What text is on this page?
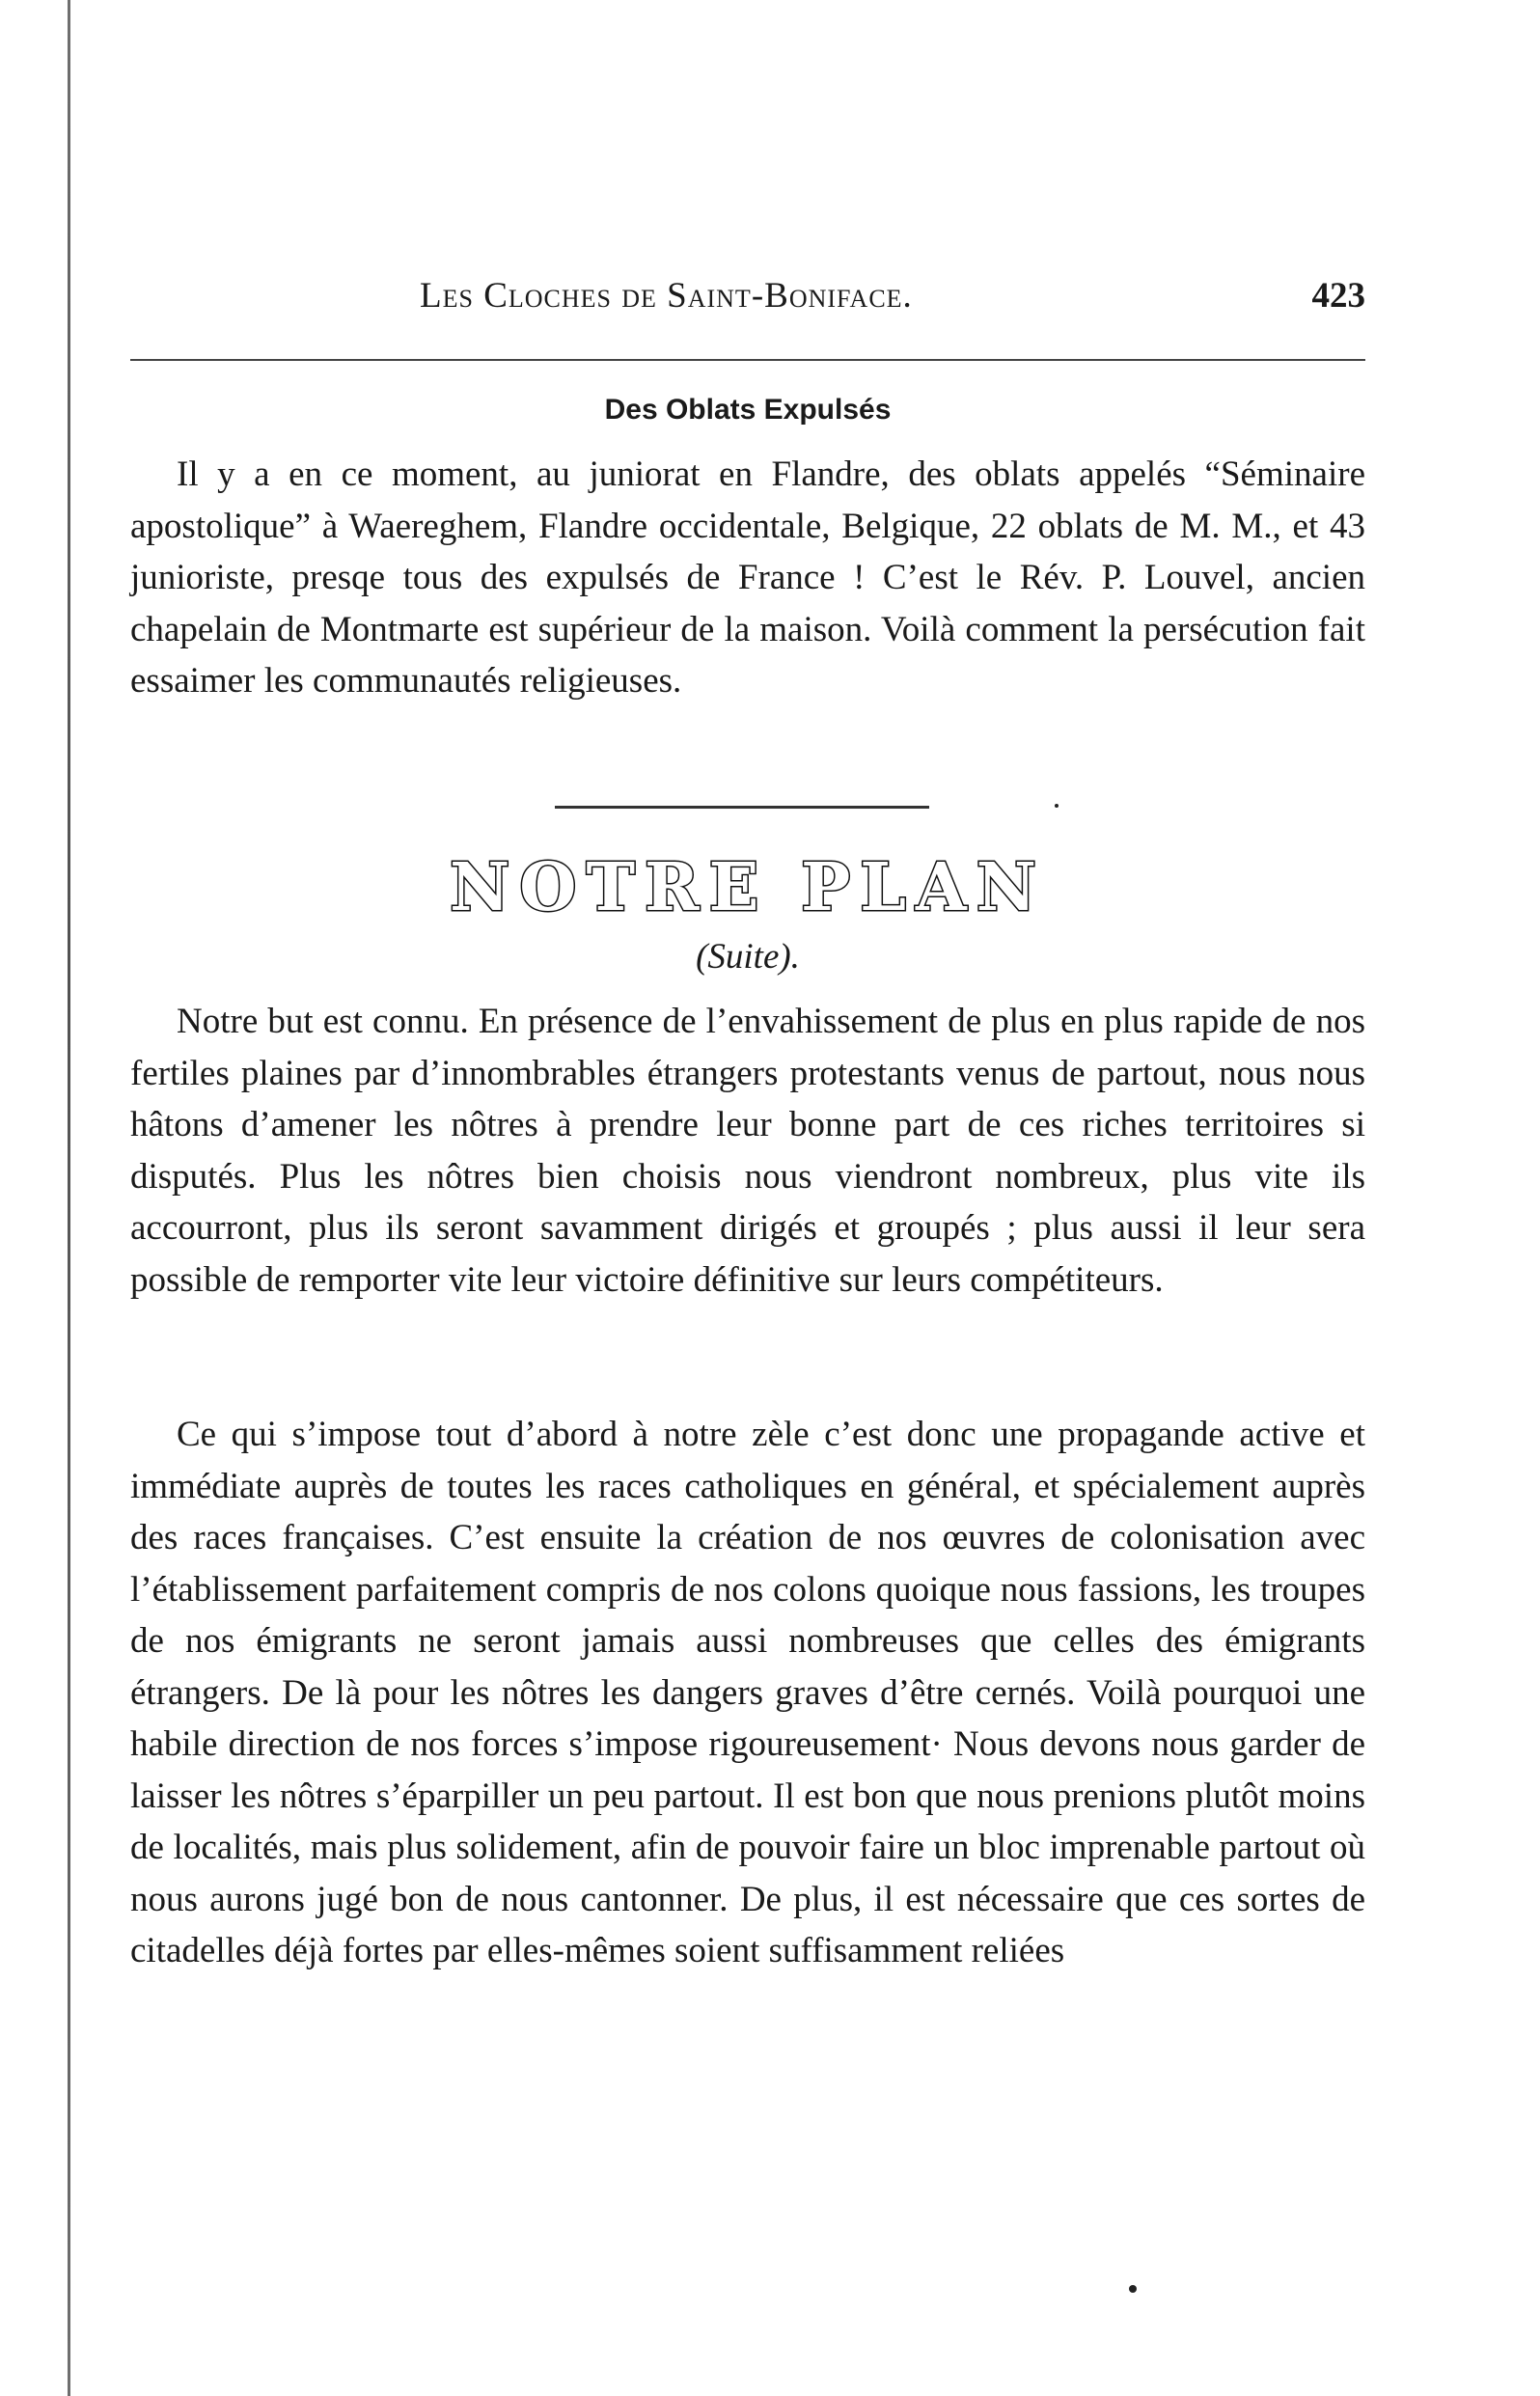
Les Cloches de Saint-Boniface.	423
Des Oblats Expulsés

Il y a en ce moment, au juniorat en Flandre, des oblats appelés “Séminaire apostolique” à Waereghem, Flandre occidentale, Belgique, 22 oblats de M. M., et 43 junioriste, presqe tous des expulsés de France ! C’est le Rév. P. Louvel, ancien chapelain de Montmarte est supérieur de la maison. Voilà comment la persécution fait essaimer les communautés religieuses.

NOTRE PLAN
(Suite).

Notre but est connu. En présence de l’envahissement de plus en plus rapide de nos fertiles plaines par d’innombrables étrangers protestants venus de partout, nous nous hâtons d’amener les nôtres à prendre leur bonne part de ces riches territoires si disputés. Plus les nôtres bien choisis nous viendront nombreux, plus vite ils accourront, plus ils seront savamment dirigés et groupés ; plus aussi il leur sera possible de remporter vite leur victoire définitive sur leurs compétiteurs.

Ce qui s’impose tout d’abord à notre zèle c’est donc une propagande active et immédiate auprès de toutes les races catholiques en général, et spécialement auprès des races françaises. C’est ensuite la création de nos œuvres de colonisation avec l’établissement parfaitement compris de nos colons quoique nous fassions, les troupes de nos émigrants ne seront jamais aussi nombreuses que celles des émigrants étrangers. De là pour les nôtres les dangers graves d’être cernés. Voilà pourquoi une habile direction de nos forces s’impose rigoureusement· Nous devons nous garder de laisser les nôtres s’éparpiller un peu partout. Il est bon que nous prenions plutôt moins de localités, mais plus solidement, afin de pouvoir faire un bloc imprenable partout où nous aurons jugé bon de nous cantonner. De plus, il est nécessaire que ces sortes de citadelles déjà fortes par elles-mêmes soient suffisamment reliées
